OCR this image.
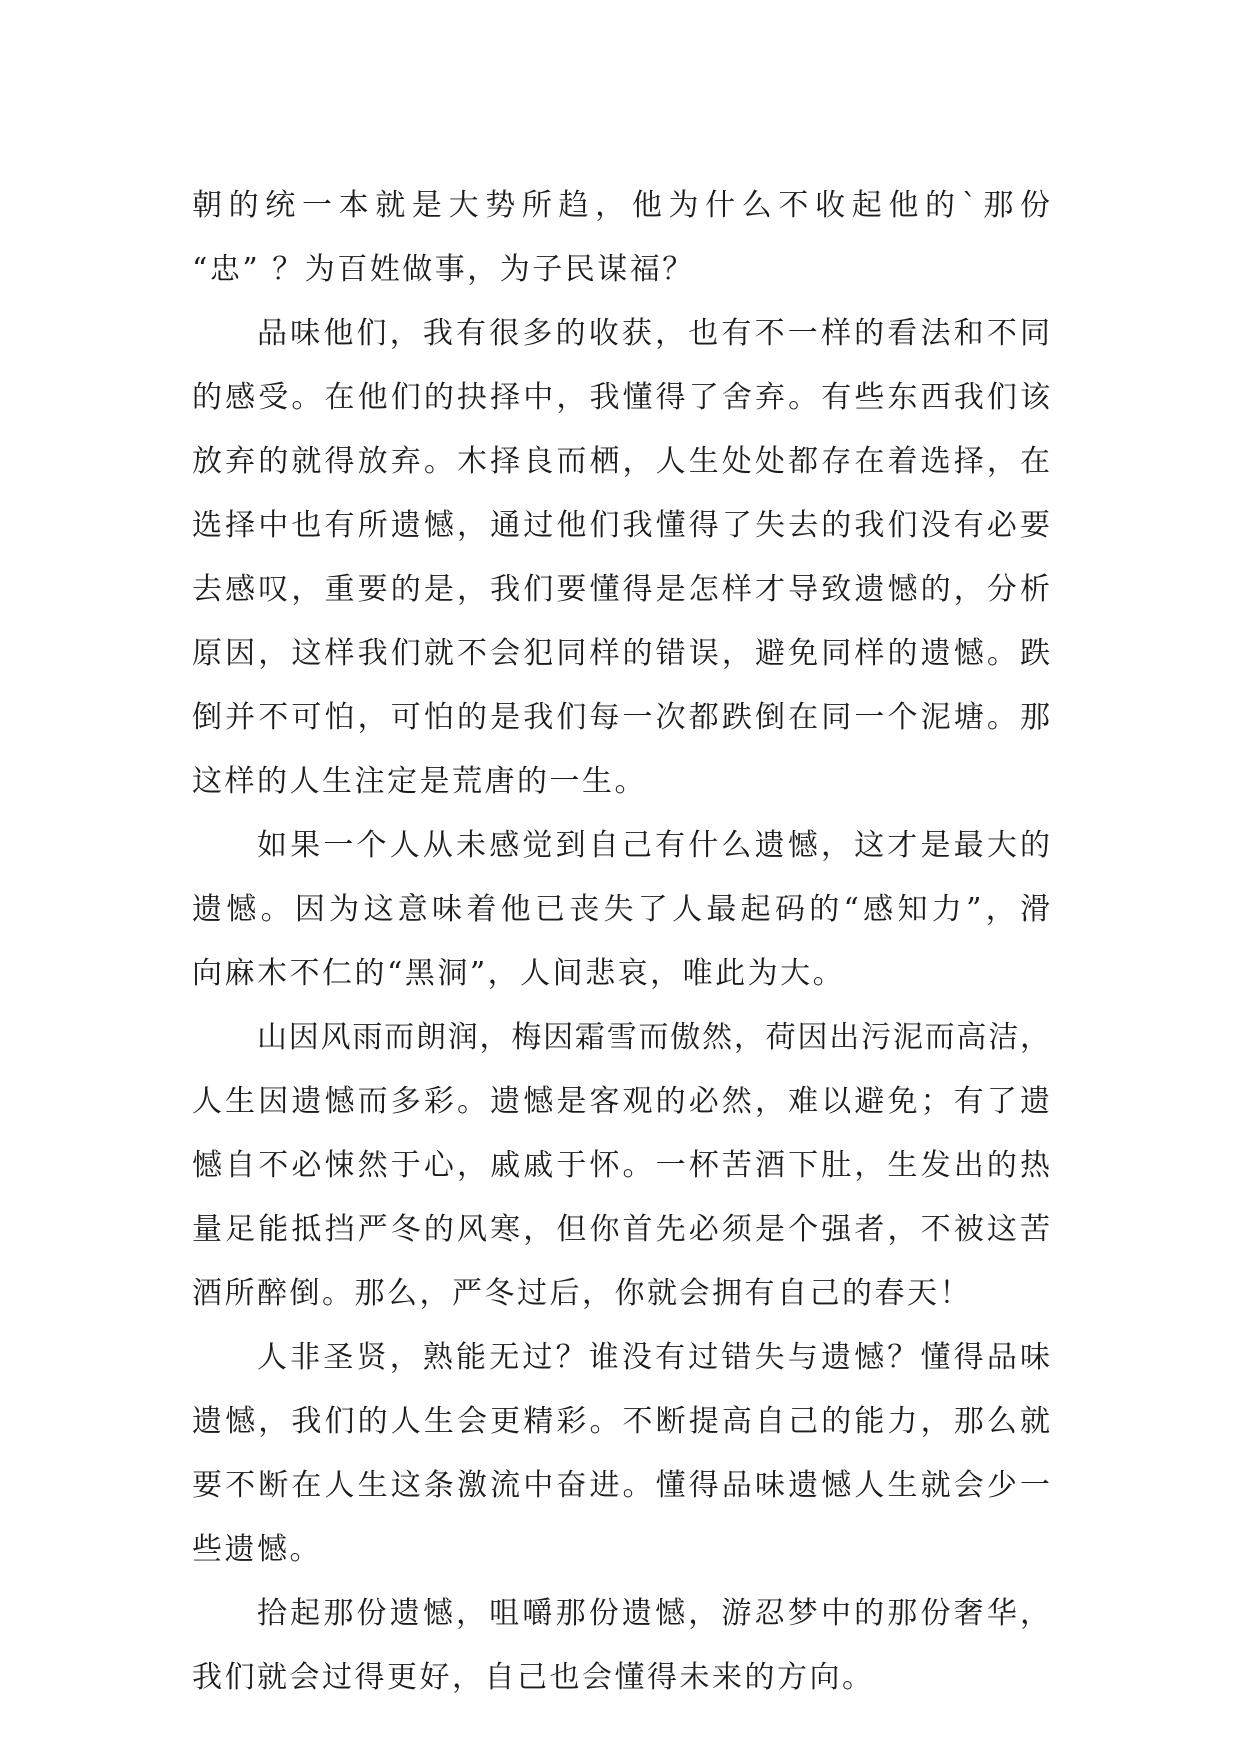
朝的统一本就是大势所趋，他为什么不收起他的`那份
“忠” ？为百姓做事，为子民谋福？
品味他们，我有很多的收获，也有不一样的看法和不同
的感受。在他们的抉择中，我懂得了舍弃。有些东西我们该
放弃的就得放弃。木择良而栖，人生处处都存在着选择，在
选择中也有所遗憾，通过他们我懂得了失去的我们没有必要
去感叹，重要的是，我们要懂得是怎样才导致遗憾的，分析
原因，这样我们就不会犯同样的错误，避免同样的遗憾。跌
倒并不可怕，可怕的是我们每一次都跌倒在同一个泥塘。那
这样的人生注定是荒唐的一生。
如果一个人从未感觉到自己有什么遗憾，这才是最大的
遗憾。因为这意味着他已丧失了人最起码的“感知力”，滑
向麻木不仁的“黑洞”，人间悲哀，唯此为大。
山因风雨而朗润，梅因霜雪而傲然，荷因出污泥而高洁，
人生因遗憾而多彩。遗憾是客观的必然，难以避免；有了遗
憾自不必悚然于心，戚戚于怀。一杯苦酒下肚，生发出的热
量足能抵挡严冬的风寒，但你首先必须是个强者，不被这苦
酒所醉倒。那么，严冬过后，你就会拥有自己的春天！
人非圣贤，熟能无过？谁没有过错失与遗憾？懂得品味
遗憾，我们的人生会更精彩。不断提高自己的能力，那么就
要不断在人生这条激流中奋进。懂得品味遗憾人生就会少一
些遗憾。
拾起那份遗憾，咀嚼那份遗憾，游忍梦中的那份奢华，
我们就会过得更好，自己也会懂得未来的方向。
